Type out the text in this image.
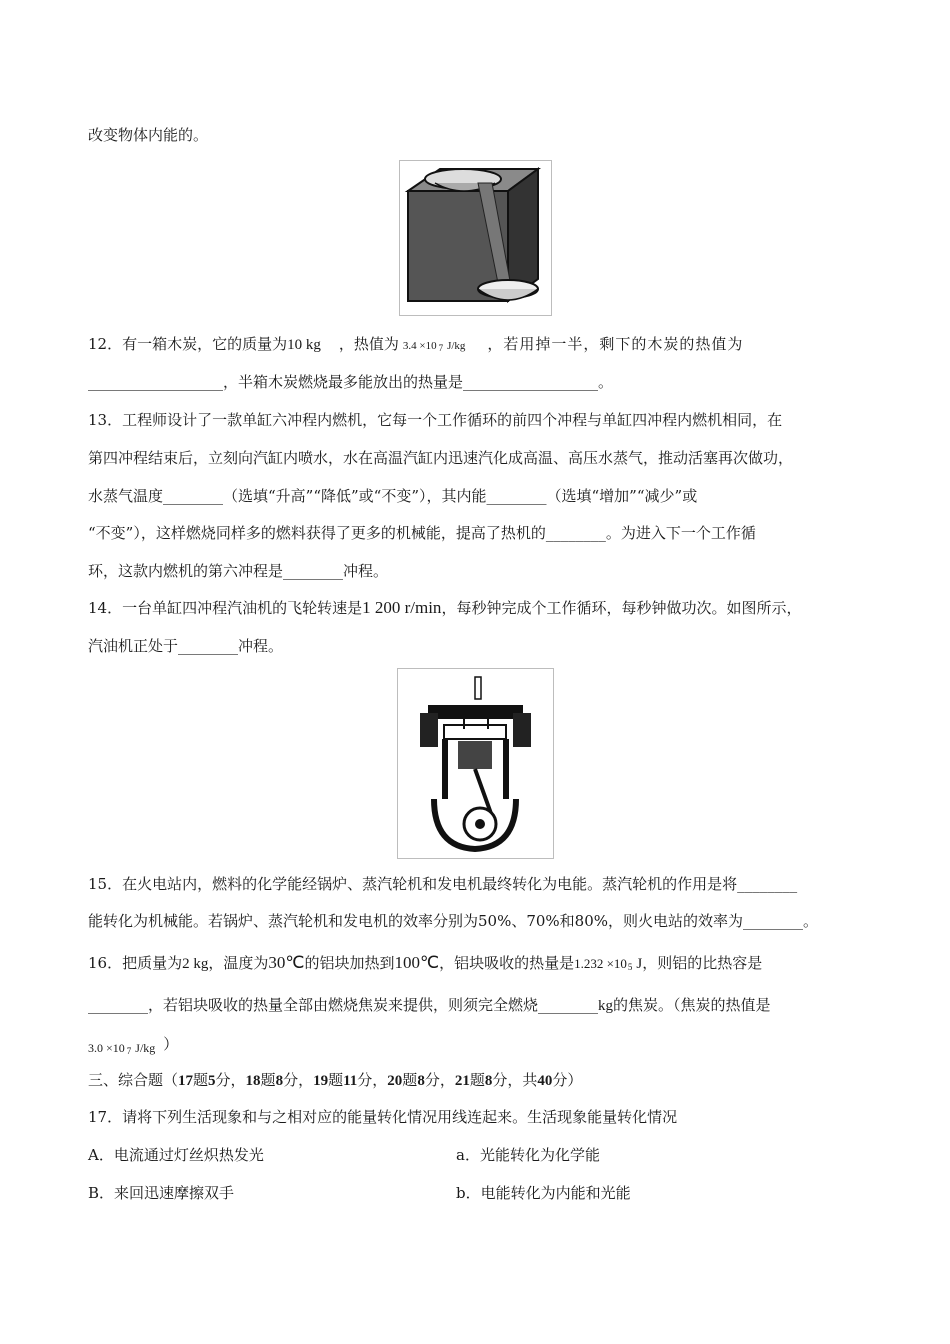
改变物体内能的。
12．有一箱木炭，它的质量为10 kg ，热值为 3.4 ×10 7 J/kg ，若用掉一半，剩下的木炭的热值为
__________________，半箱木炭燃烧最多能放出的热量是__________________。
13．工程师设计了一款单缸六冲程内燃机，它每一个工作循环的前四个冲程与单缸四冲程内燃机相同，在
第四冲程结束后，立刻向汽缸内喷水，水在高温汽缸内迅速汽化成高温、高压水蒸气，推动活塞再次做功，
水蒸气温度________（选填“升高”“降低”或“不变”），其内能________（选填“增加”“减少”或
“不变”），这样燃烧同样多的燃料获得了更多的机械能，提高了热机的________。为进入下一个工作循
环，这款内燃机的第六冲程是________冲程。
14．一台单缸四冲程汽油机的飞轮转速是1 200 r/min，每秒钟完成个工作循环，每秒钟做功次。如图所示，
汽油机正处于________冲程。
15．在火电站内，燃料的化学能经锅炉、蒸汽轮机和发电机最终转化为电能。蒸汽轮机的作用是将________
能转化为机械能。若锅炉、蒸汽轮机和发电机的效率分别为50%、70%和80%，则火电站的效率为________。
16．把质量为2 kg，温度为30℃的铝块加热到100℃，铝块吸收的热量是1.232 ×105 J，则铝的比热容是
________，若铝块吸收的热量全部由燃烧焦炭来提供，则须完全燃烧________kg的焦炭。（焦炭的热值是
3.0 ×10 7 J/kg ）
三、综合题（17题5分，18题8分，19题11分，20题8分，21题8分，共40分）
17．请将下列生活现象和与之相对应的能量转化情况用线连起来。生活现象能量转化情况
A．电流通过灯丝炽热发光	a．光能转化为化学能
B．来回迅速摩擦双手	b．电能转化为内能和光能
